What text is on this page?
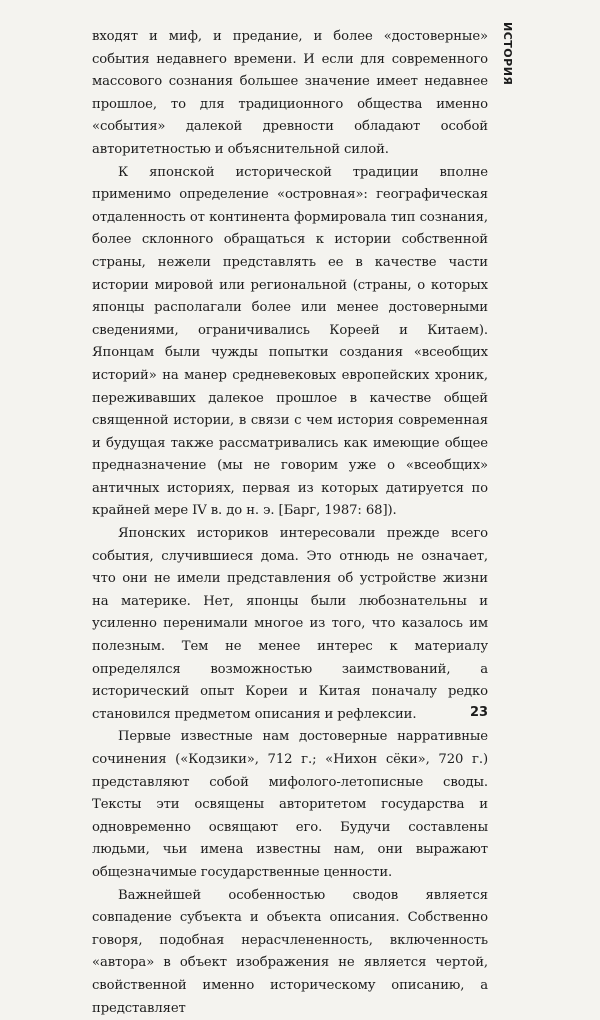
ИСТОРИЯ

входят и миф, и предание, и более «достоверные» события недавнего времени. И если для современного массового сознания большее значение имеет недавнее прошлое, то для традиционного общества именно «события» далекой древности обладают особой авторитетностью и объяснительной силой.

К японской исторической традиции вполне применимо определение «островная»: географическая отдаленность от континента формировала тип сознания, более склонного обращаться к истории собственной страны, нежели представлять ее в качестве части истории мировой или региональной (страны, о которых японцы располагали более или менее достоверными сведениями, ограничивались Кореей и Китаем). Японцам были чужды попытки создания «всеобщих историй» на манер средневековых европейских хроник, переживавших далекое прошлое в качестве общей священной истории, в связи с чем история современная и будущая также рассматривались как имеющие общее предназначение (мы не говорим уже о «всеобщих» античных историях, первая из которых датируется по крайней мере IV в. до н. э. [Барг, 1987: 68]).

Японских историков интересовали прежде всего события, случившиеся дома. Это отнюдь не означает, что они не имели представления об устройстве жизни на материке. Нет, японцы были любознательны и усиленно перенимали многое из того, что казалось им полезным. Тем не менее интерес к материалу определялся возможностью заимствований, а исторический опыт Кореи и Китая поначалу редко становился предметом описания и рефлексии.

Первые известные нам достоверные нарративные сочинения («Кодзики», 712 г.; «Нихон сёки», 720 г.) представляют собой мифолого-летописные своды. Тексты эти освящены авторитетом государства и одновременно освящают его. Будучи составлены людьми, чьи имена известны нам, они выражают общезначимые государственные ценности.

Важнейшей особенностью сводов является совпадение субъекта и объекта описания. Собственно говоря, подобная нерасчлененность, включенность «автора» в объект изображения не является чертой, свойственной именно историческому описанию, а представляет

23
